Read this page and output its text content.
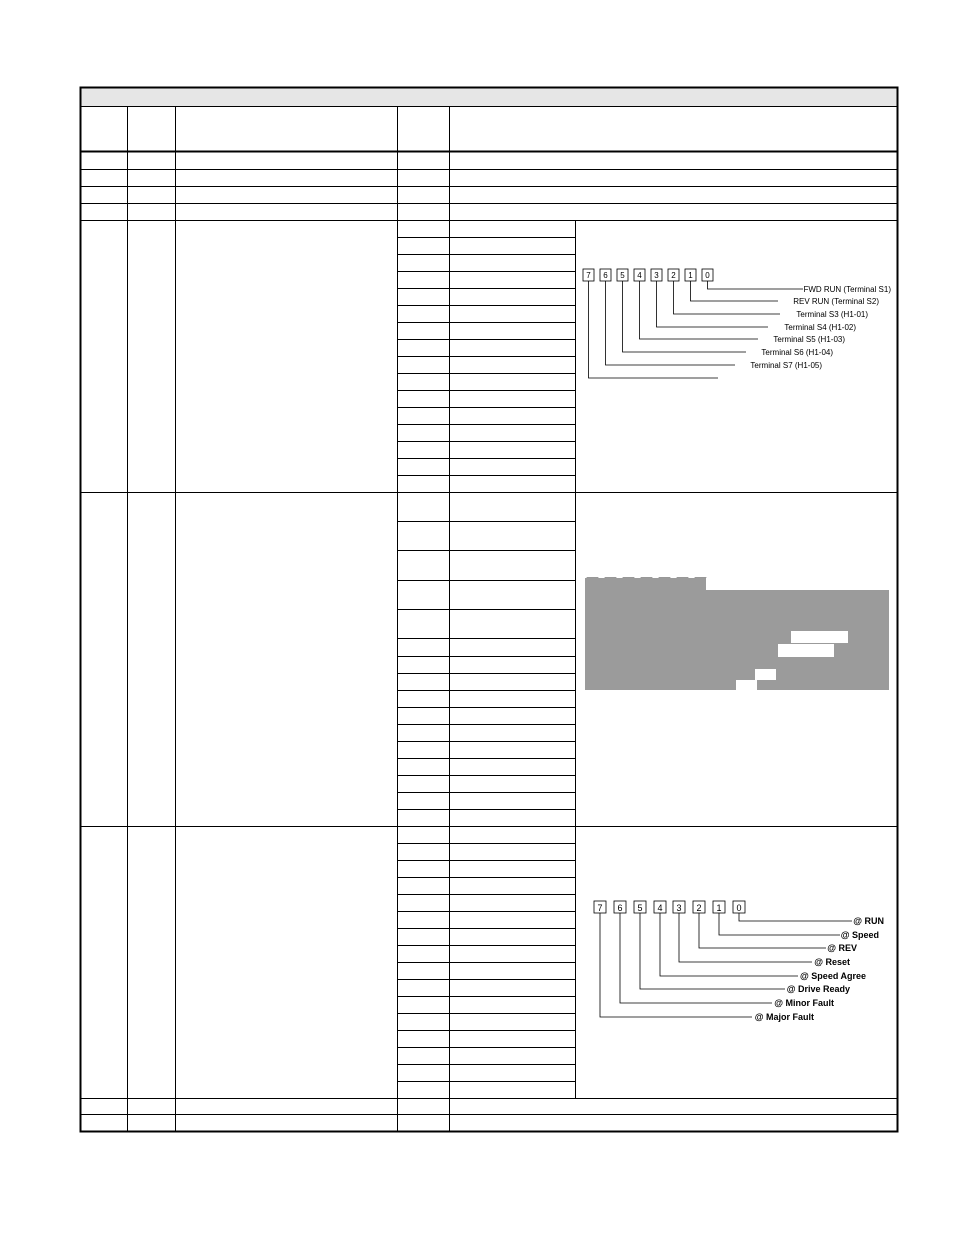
7 6 5 4 3 2 1 0
FWD RUN (Terminal S1)
REV RUN (Terminal S2)
Terminal S3 (H1-01)
Terminal S4 (H1-02)
Terminal S5 (H1-03)
Terminal S6 (H1-04)
Terminal S7 (H1-05)
7 6 5 4 3 2 1 0
@ RUN
@ Speed
@ REV
@ Reset
@ Speed Agree
@ Drive Ready
@ Minor Fault
@ Major Fault
